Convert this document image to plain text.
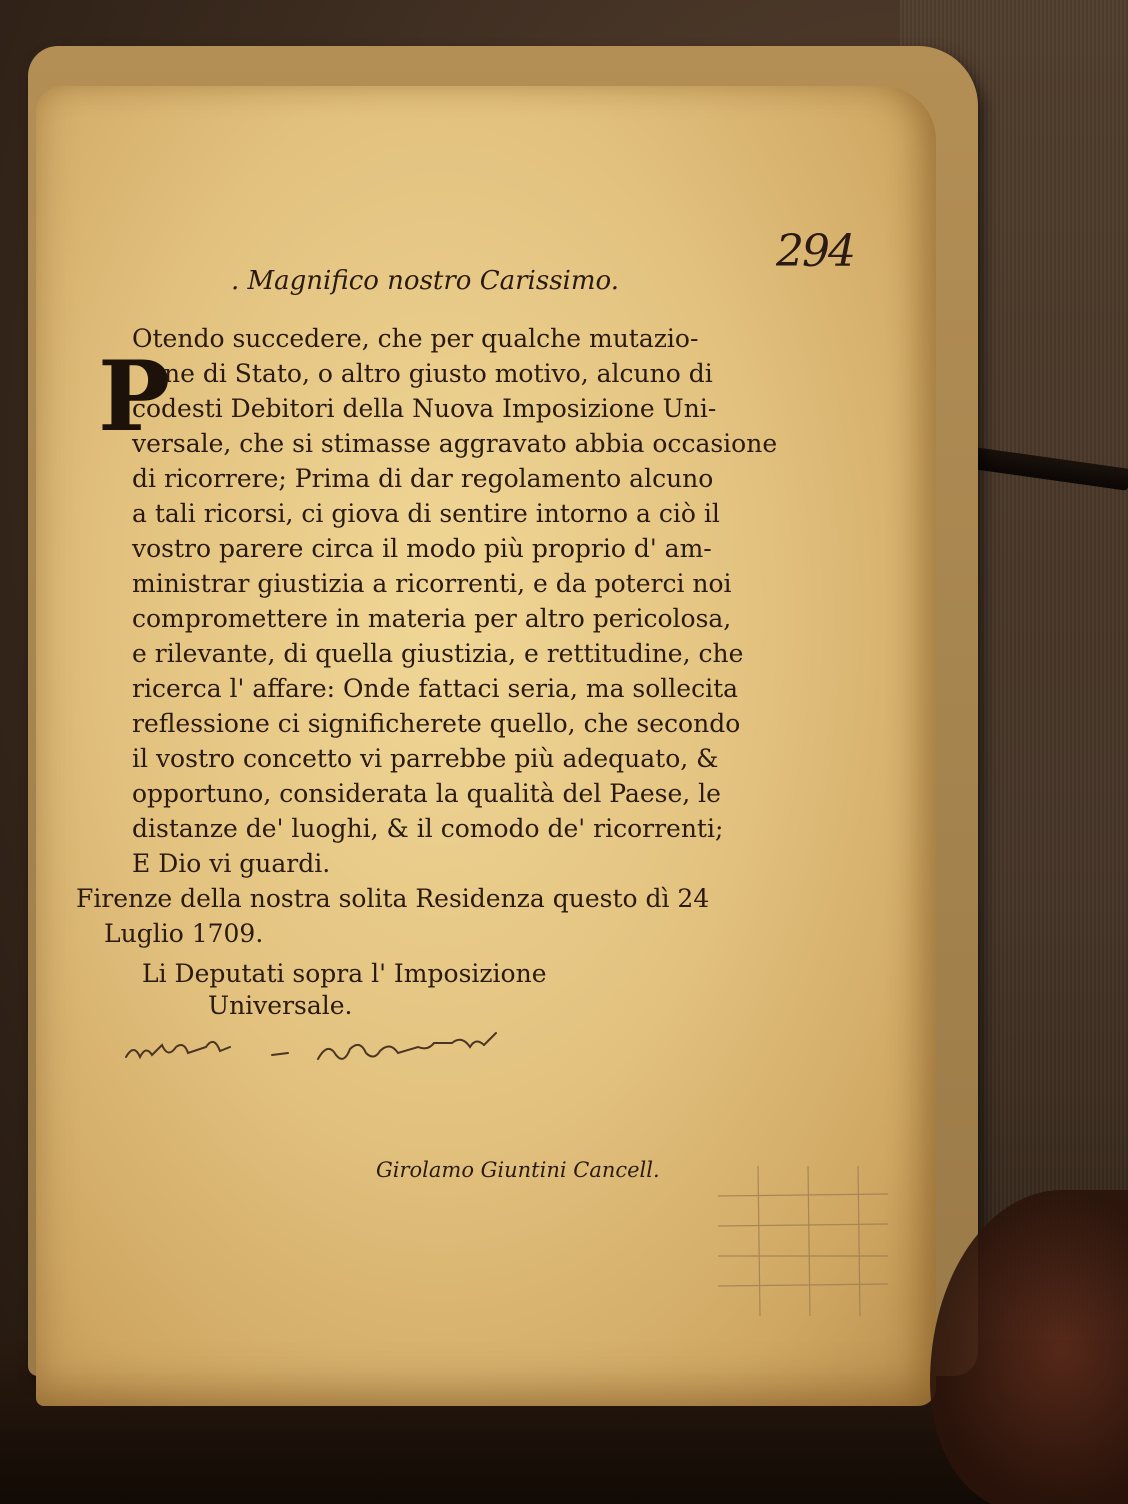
294
. Magnifico nostro Carissimo.
P
Otendo succedere, che per qualche mutazio-
ne di Stato, o altro giusto motivo, alcuno di
codesti Debitori della Nuova Imposizione Uni-
versale, che si stimasse aggravato abbia occasione
di ricorrere; Prima di dar regolamento alcuno
a tali ricorsi, ci giova di sentire intorno a ciò il
vostro parere circa il modo più proprio d' am-
ministrar giustizia a ricorrenti, e da poterci noi
compromettere in materia per altro pericolosa,
e rilevante, di quella giustizia, e rettitudine, che
ricerca l' affare: Onde fattaci seria, ma sollecita
reflessione ci significherete quello, che secondo
il vostro concetto vi parrebbe più adequato, &
opportuno, considerata la qualità del Paese, le
distanze de' luoghi, & il comodo de' ricorrenti;
E Dio vi guardi.
Firenze della nostra solita Residenza questo dì 24
Luglio 1709.
Li Deputati sopra l' Imposizione
Universale.
Girolamo Giuntini Cancell.
